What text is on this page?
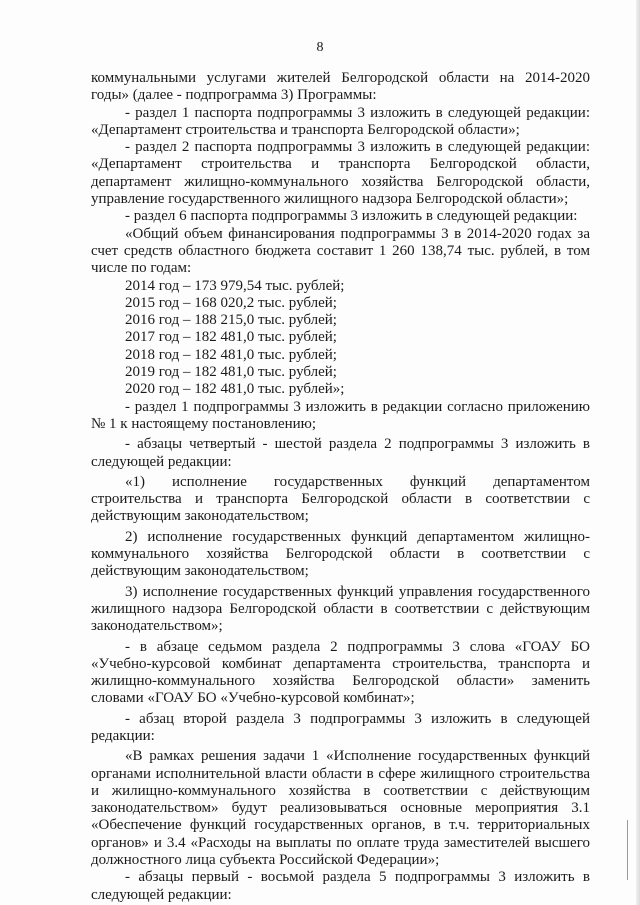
8

коммунальными услугами жителей Белгородской области на 2014-2020 годы» (далее - подпрограмма 3) Программы:

- раздел 1 паспорта подпрограммы 3 изложить в следующей редакции: «Департамент строительства и транспорта Белгородской области»;

- раздел 2 паспорта подпрограммы 3 изложить в следующей редакции: «Департамент строительства и транспорта Белгородской области, департамент жилищно-коммунального хозяйства Белгородской области, управление государственного жилищного надзора Белгородской области»;

- раздел 6 паспорта подпрограммы 3 изложить в следующей редакции:

«Общий объем финансирования подпрограммы 3 в 2014-2020 годах за счет средств областного бюджета составит 1 260 138,74 тыс. рублей, в том числе по годам:

2014 год – 173 979,54 тыс. рублей;

2015 год – 168 020,2 тыс. рублей;

2016 год – 188 215,0 тыс. рублей;

2017 год – 182 481,0 тыс. рублей;

2018 год – 182 481,0 тыс. рублей;

2019 год – 182 481,0 тыс. рублей;

2020 год – 182 481,0 тыс. рублей»;

- раздел 1 подпрограммы 3 изложить в редакции согласно приложению № 1 к настоящему постановлению;

- абзацы четвертый - шестой раздела 2 подпрограммы 3 изложить в следующей редакции:

«1) исполнение государственных функций департаментом строительства и транспорта Белгородской области в соответствии с действующим законодательством;

2) исполнение государственных функций департаментом жилищно-коммунального хозяйства Белгородской области в соответствии с действующим законодательством;

3) исполнение государственных функций управления государственного жилищного надзора Белгородской области в соответствии с действующим законодательством»;

- в абзаце седьмом раздела 2 подпрограммы 3 слова «ГОАУ БО «Учебно-курсовой комбинат департамента строительства, транспорта и жилищно-коммунального хозяйства Белгородской области» заменить словами «ГОАУ БО «Учебно-курсовой комбинат»;

- абзац второй раздела 3 подпрограммы 3 изложить в следующей редакции:

«В рамках решения задачи 1 «Исполнение государственных функций органами исполнительной власти области в сфере жилищного строительства и жилищно-коммунального хозяйства в соответствии с действующим законодательством» будут реализовываться основные мероприятия 3.1 «Обеспечение функций государственных органов, в т.ч. территориальных органов» и 3.4 «Расходы на выплаты по оплате труда заместителей высшего должностного лица субъекта Российской Федерации»;

- абзацы первый - восьмой раздела 5 подпрограммы 3 изложить в следующей редакции:
